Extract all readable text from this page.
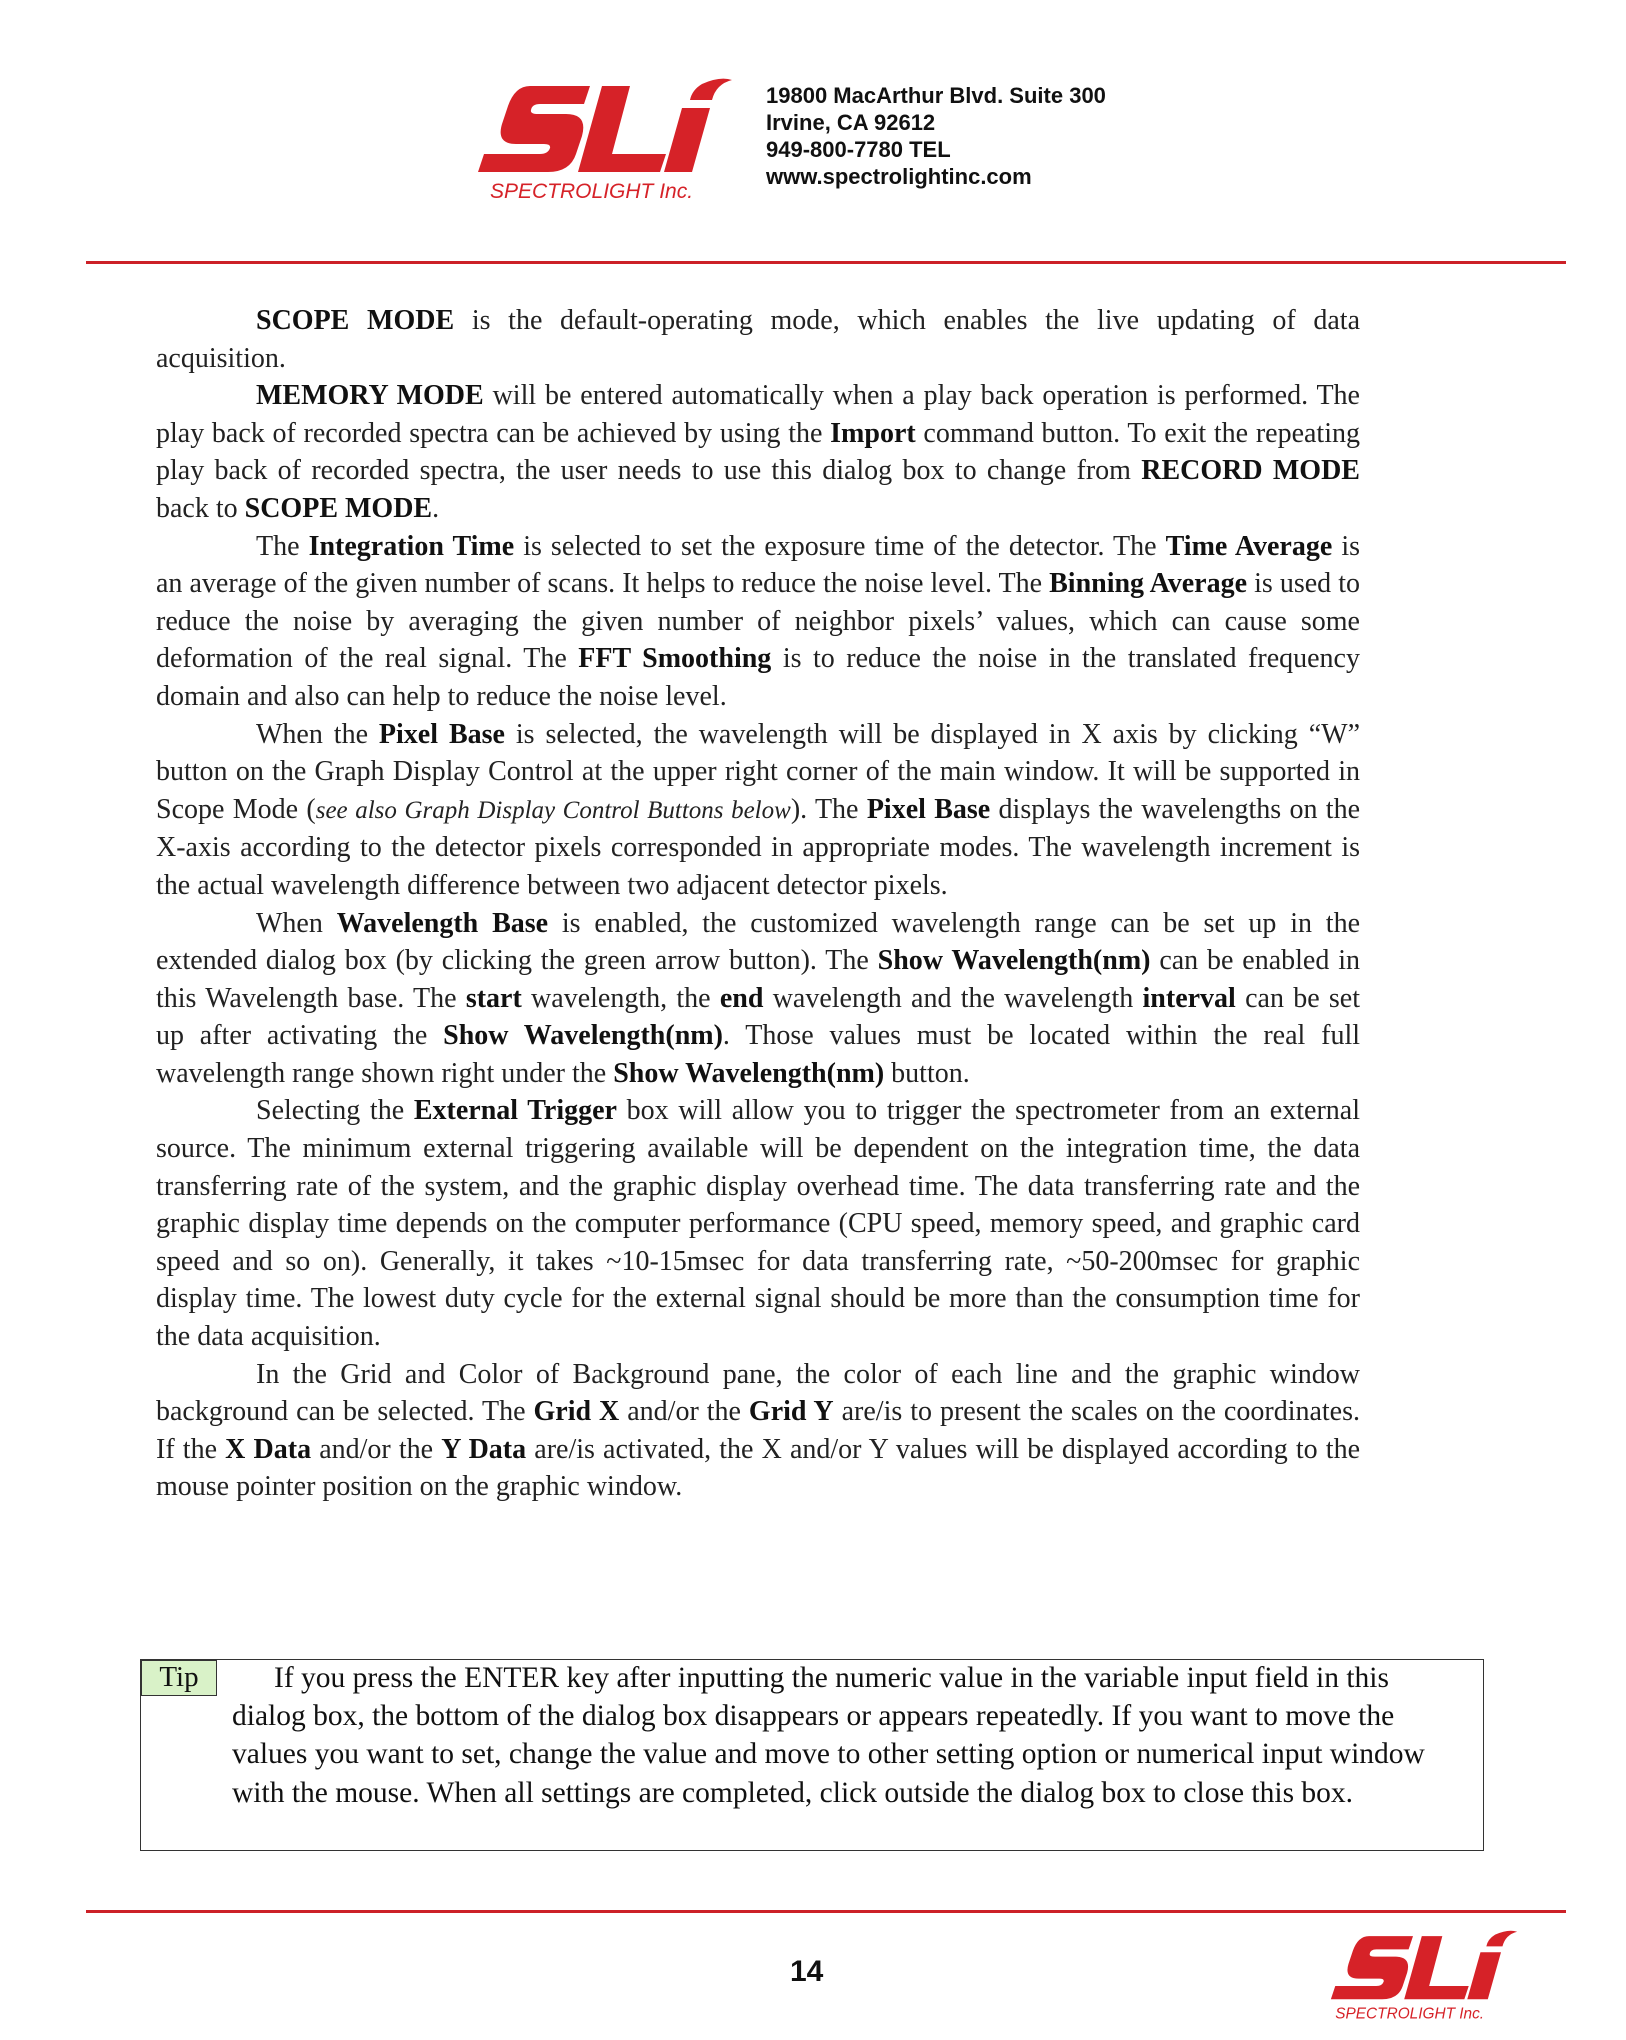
SPECTROLIGHT Inc.
19800 MacArthur Blvd. Suite 300
Irvine, CA 92612
949-800-7780 TEL
www.spectrolightinc.com

SCOPE MODE is the default-operating mode, which enables the live updating of data acquisition.

MEMORY MODE will be entered automatically when a play back operation is performed. The play back of recorded spectra can be achieved by using the Import command button. To exit the repeating play back of recorded spectra, the user needs to use this dialog box to change from RECORD MODE back to SCOPE MODE.

The Integration Time is selected to set the exposure time of the detector. The Time Average is an average of the given number of scans. It helps to reduce the noise level. The Binning Average is used to reduce the noise by averaging the given number of neighbor pixels’ values, which can cause some deformation of the real signal. The FFT Smoothing is to reduce the noise in the translated frequency domain and also can help to reduce the noise level.

When the Pixel Base is selected, the wavelength will be displayed in X axis by clicking “W” button on the Graph Display Control at the upper right corner of the main window. It will be supported in Scope Mode (see also Graph Display Control Buttons below). The Pixel Base displays the wavelengths on the X-axis according to the detector pixels corresponded in appropriate modes. The wavelength increment is the actual wavelength difference between two adjacent detector pixels.

When Wavelength Base is enabled, the customized wavelength range can be set up in the extended dialog box (by clicking the green arrow button). The Show Wavelength(nm) can be enabled in this Wavelength base. The start wavelength, the end wavelength and the wavelength interval can be set up after activating the Show Wavelength(nm). Those values must be located within the real full wavelength range shown right under the Show Wavelength(nm) button.

Selecting the External Trigger box will allow you to trigger the spectrometer from an external source. The minimum external triggering available will be dependent on the integration time, the data transferring rate of the system, and the graphic display overhead time. The data transferring rate and the graphic display time depends on the computer performance (CPU speed, memory speed, and graphic card speed and so on). Generally, it takes ~10-15msec for data transferring rate, ~50-200msec for graphic display time. The lowest duty cycle for the external signal should be more than the consumption time for the data acquisition.

In the Grid and Color of Background pane, the color of each line and the graphic window background can be selected. The Grid X and/or the Grid Y are/is to present the scales on the coordinates. If the X Data and/or the Y Data are/is activated, the X and/or Y values will be displayed according to the mouse pointer position on the graphic window.

Tip	If you press the ENTER key after inputting the numeric value in the variable input field in this dialog box, the bottom of the dialog box disappears or appears repeatedly. If you want to move the values you want to set, change the value and move to other setting option or numerical input window with the mouse. When all settings are completed, click outside the dialog box to close this box.
14
SPECTROLIGHT Inc.
